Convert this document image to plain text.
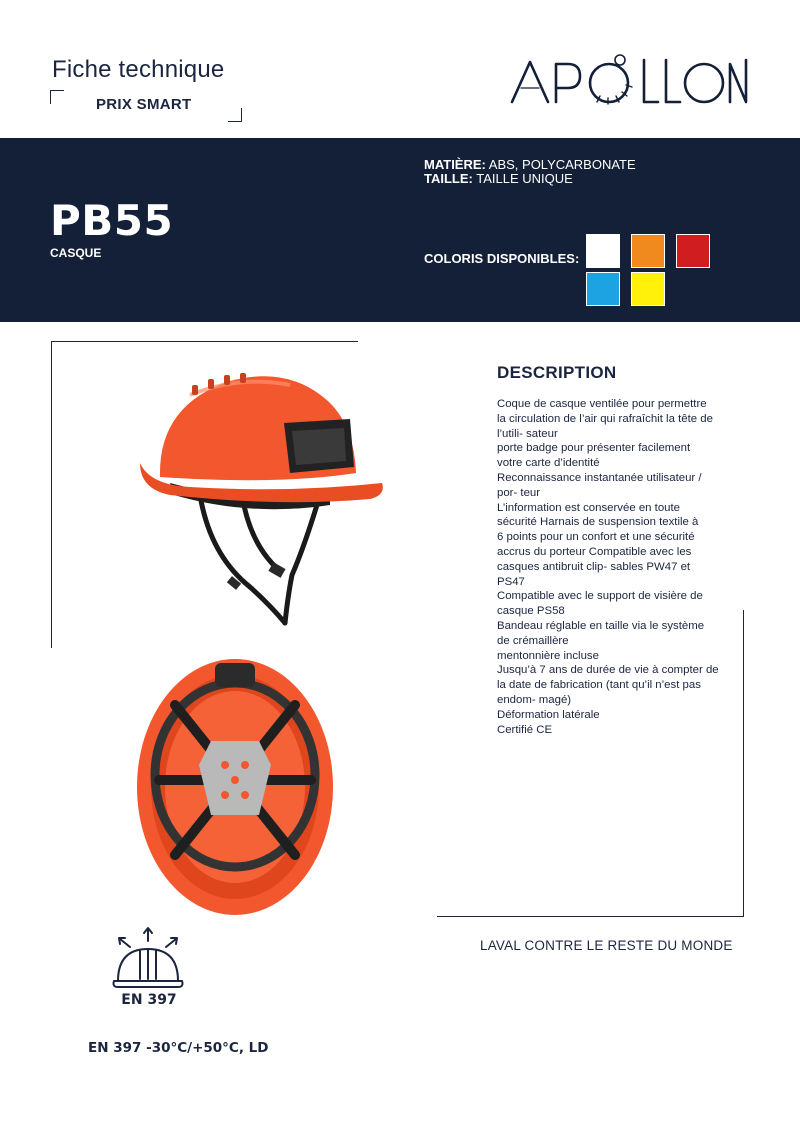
Fiche technique
PRIX SMART
APOLLON
PB55
CASQUE
MATIÈRE: ABS, POLYCARBONATE
TAILLE: TAILLE UNIQUE
COLORIS DISPONIBLES:
DESCRIPTION
Coque de casque ventilée pour permettre
la circulation de l’air qui rafraîchit la tête de
l’utili- sateur
porte badge pour présenter facilement
votre carte d’identité
Reconnaissance instantanée utilisateur /
por- teur
L’information est conservée en toute
sécurité Harnais de suspension textile à
6 points pour un confort et une sécurité
accrus du porteur Compatible avec les
casques antibruit clip- sables PW47 et
PS47
Compatible avec le support de visière de
casque PS58
Bandeau réglable en taille via le système
de crémaillère
mentonnière incluse
Jusqu’à 7 ans de durée de vie à compter de
la date de fabrication (tant qu’il n’est pas
endom- magé)
Déformation latérale
Certifié CE
LAVAL CONTRE LE RESTE DU MONDE
EN 397
EN 397 -30°C/+50°C, LD
